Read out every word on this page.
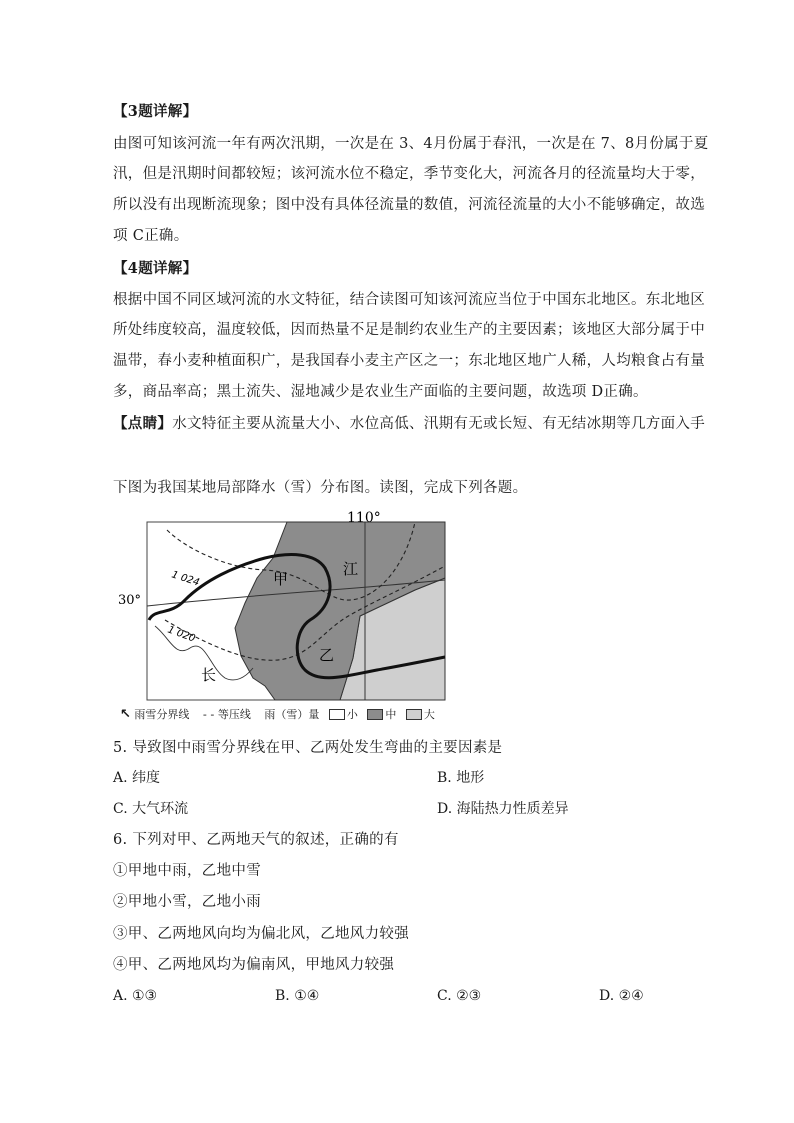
【3题详解】
由图可知该河流一年有两次汛期，一次是在 3、4月份属于春汛，一次是在 7、8月份属于夏
汛，但是汛期时间都较短；该河流水位不稳定，季节变化大，河流各月的径流量均大于零，
所以没有出现断流现象；图中没有具体径流量的数值，河流径流量的大小不能够确定，故选
项 C正确。
【4题详解】
根据中国不同区域河流的水文特征，结合读图可知该河流应当位于中国东北地区。东北地区
所处纬度较高，温度较低，因而热量不足是制约农业生产的主要因素；该地区大部分属于中
温带，春小麦种植面积广，是我国春小麦主产区之一；东北地区地广人稀，人均粮食占有量
多，商品率高；黑土流失、湿地减少是农业生产面临的主要问题，故选项 D正确。
【点睛】水文特征主要从流量大小、水位高低、汛期有无或长短、有无结冰期等几方面入手
下图为我国某地局部降水（雪）分布图。读图，完成下列各题。
110°
30°
1 024
1 020
甲
乙
江
长
↖ 雨雪分界线 ‐ ‐ 等压线 雨（雪）量	小	中	大
5. 导致图中雨雪分界线在甲、乙两处发生弯曲的主要因素是
A. 纬度	B. 地形
C. 大气环流	D. 海陆热力性质差异
6. 下列对甲、乙两地天气的叙述，正确的有
①甲地中雨，乙地中雪
②甲地小雪，乙地小雨
③甲、乙两地风向均为偏北风，乙地风力较强
④甲、乙两地风均为偏南风，甲地风力较强
A. ①③	B. ①④	C. ②③	D. ②④
